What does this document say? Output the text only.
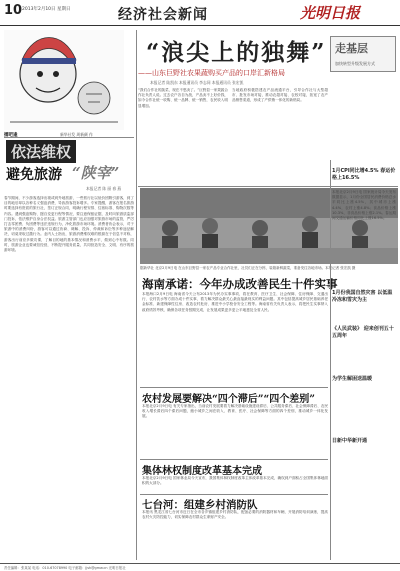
10 2013年2月10日 星期日	经济社会新闻	光明日报
擂吧逢	新华社发 周新颜 作
“浪尖上的独舞”
——山东巨野社农果蔬购买产品的口岸汇新格局
本报记者 陆凯东 本报通讯员 李志同 本报通讯员 张宏凯
走基层
加快转型升级发展方式
“我们合作社的蔬菜，现在不愁卖了。”巨野县一家果蔬合作社负责人说。过去农户各自为战，产品卖不上好价钱，如今合作社统一收购、统一品牌、统一销售，农民收入明显增加。
当地政府积极搭建农产品流通平台，引导合作社与大型超市、批发市场对接，推动农超对接、农校对接，拓宽了农产品销售渠道，形成了产供销一体化的新格局。
依法维权
避免旅游 “陕宰”
本报记者 陈 丽 春 燕
春节期间，不少游客选择出境或到外地旅游，一些旅行社以低价团吸引游客，到了目的地后却以各种名义强迫消费，导致游客投诉增多。专家提醒，游客在报名旅游时要选择有资质的旅行社，签订正规合同，明确行程安排、住宿标准、购物次数等内容。遇到强迫购物、擅自变更行程等情况，要注意保留证据，及时向旅游质监部门投诉，依法维护自身合法权益。旅游主管部门也应加强对旅游市场的监管，严厉打击零团费、负团费等违法违规行为，净化旅游市场环境。消费者协会表示，对于旅游中的消费纠纷，游客可以通过协商、调解、投诉、仲裁和诉讼等多种途径解决，切莫采取过激行为。业内人士指出，旅游消费维权难的根源在于信息不对称，游客出行前应多做功课，了解目的地的基本情况和消费水平，做到心中有数。同时，旅游企业也要诚信经营，不断提升服务质量，共同营造安全、文明、有序的旅游环境。
据新华社 北京2月9日电 在山东巨野县一家农产品专业合作社里，社员们正在分拣、装箱新鲜蔬菜，准备发往各地市场。本报记者 张宏凯 摄
海南承诺：今年办成改善民生十件实事
本报海口2月9日电 海南省今天公布2013年为民办实事事项，将在教育、医疗卫生、社会保障、住房保障、交通出行、农村饮水等方面办成十件实事，着力解决群众最关心最直接最现实的利益问题。其中包括提高城乡居民基础养老金标准、新建保障性住房、改造农村危房、推进中小学校舍安全工程等。海南省有关负责人表示，将把民生实事纳入政府绩效考核，确保各项任务按期完成，让发展成果更多更公平地惠及全省人民。
农村发展要解决“四个滞后”“四个差别”
本报北京2月9日电 有关专家指出，当前农村发展要着力解决基础设施建设滞后、公共服务滞后、社会保障滞后、农民收入增长滞后四个滞后问题，缩小城乡之间在收入、教育、医疗、社会保障等方面的四个差别，推动城乡一体化发展。
集体林权制度改革基本完成
本报北京2月9日电 国家林业局今天宣布，我国集体林权制度改革主体改革基本完成，确权到户面积占全国集体林地面积的大部分。
七台河：组建乡村消防队
本报讯 黑龙江省七台河市近日在全市各乡镇组建乡村消防队，配备必要的消防器材和车辆，开展消防培训演练，提高农村火灾防控能力，切实保障农村群众生命财产安全。
1月CPI同比增4.5% 春运价格上16.5%
本报北京2月9日电 国家统计局今天发布数据显示，1月份全国居民消费价格总水平同比上涨4.5%，其中城市上涨4.4%，农村上涨4.8%；食品价格上涨10.3%，非食品价格上涨2.1%。春运期间交通运输价格同比上涨16.5%。
1月份我国自然灾害 以低温冷冻和雪灾为主
《人民武装》 迎来创刊五十五周年
为学生解困送温暖
日新中华新开通
责任编辑：张某某 电话：010-67078990 电子邮箱：jjsh@gmw.cn 光明日报社
